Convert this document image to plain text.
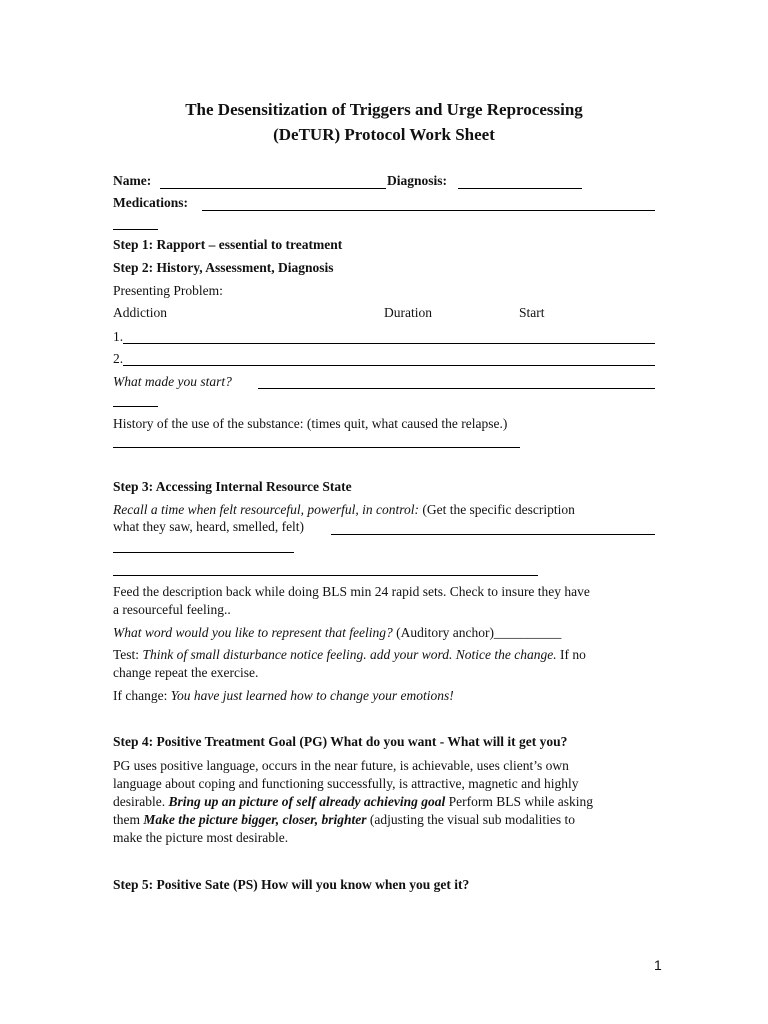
The Desensitization of Triggers and Urge Reprocessing
(DeTUR) Protocol Work Sheet
Name:	Diagnosis:
Medications:
Step 1: Rapport – essential to treatment
Step 2: History, Assessment, Diagnosis
Presenting Problem:
Addiction	Duration	Start
1.
2.
What made you start?
History of the use of the substance: (times quit, what caused the relapse.)
Step 3: Accessing Internal Resource State
Recall a time when felt resourceful, powerful, in control: (Get the specific description
what they saw, heard, smelled, felt)
Feed the description back while doing BLS min 24 rapid sets. Check to insure they have
a resourceful feeling..
What word would you like to represent that feeling? (Auditory anchor)__________
Test: Think of small disturbance notice feeling. add your word. Notice the change. If no
change repeat the exercise.
If change: You have just learned how to change your emotions!
Step 4: Positive Treatment Goal (PG) What do you want - What will it get you?
PG uses positive language, occurs in the near future, is achievable, uses client’s own
language about coping and functioning successfully, is attractive, magnetic and highly
desirable. Bring up an picture of self already achieving goal Perform BLS while asking
them Make the picture bigger, closer, brighter (adjusting the visual sub modalities to
make the picture most desirable.
Step 5: Positive Sate (PS) How will you know when you get it?
1
